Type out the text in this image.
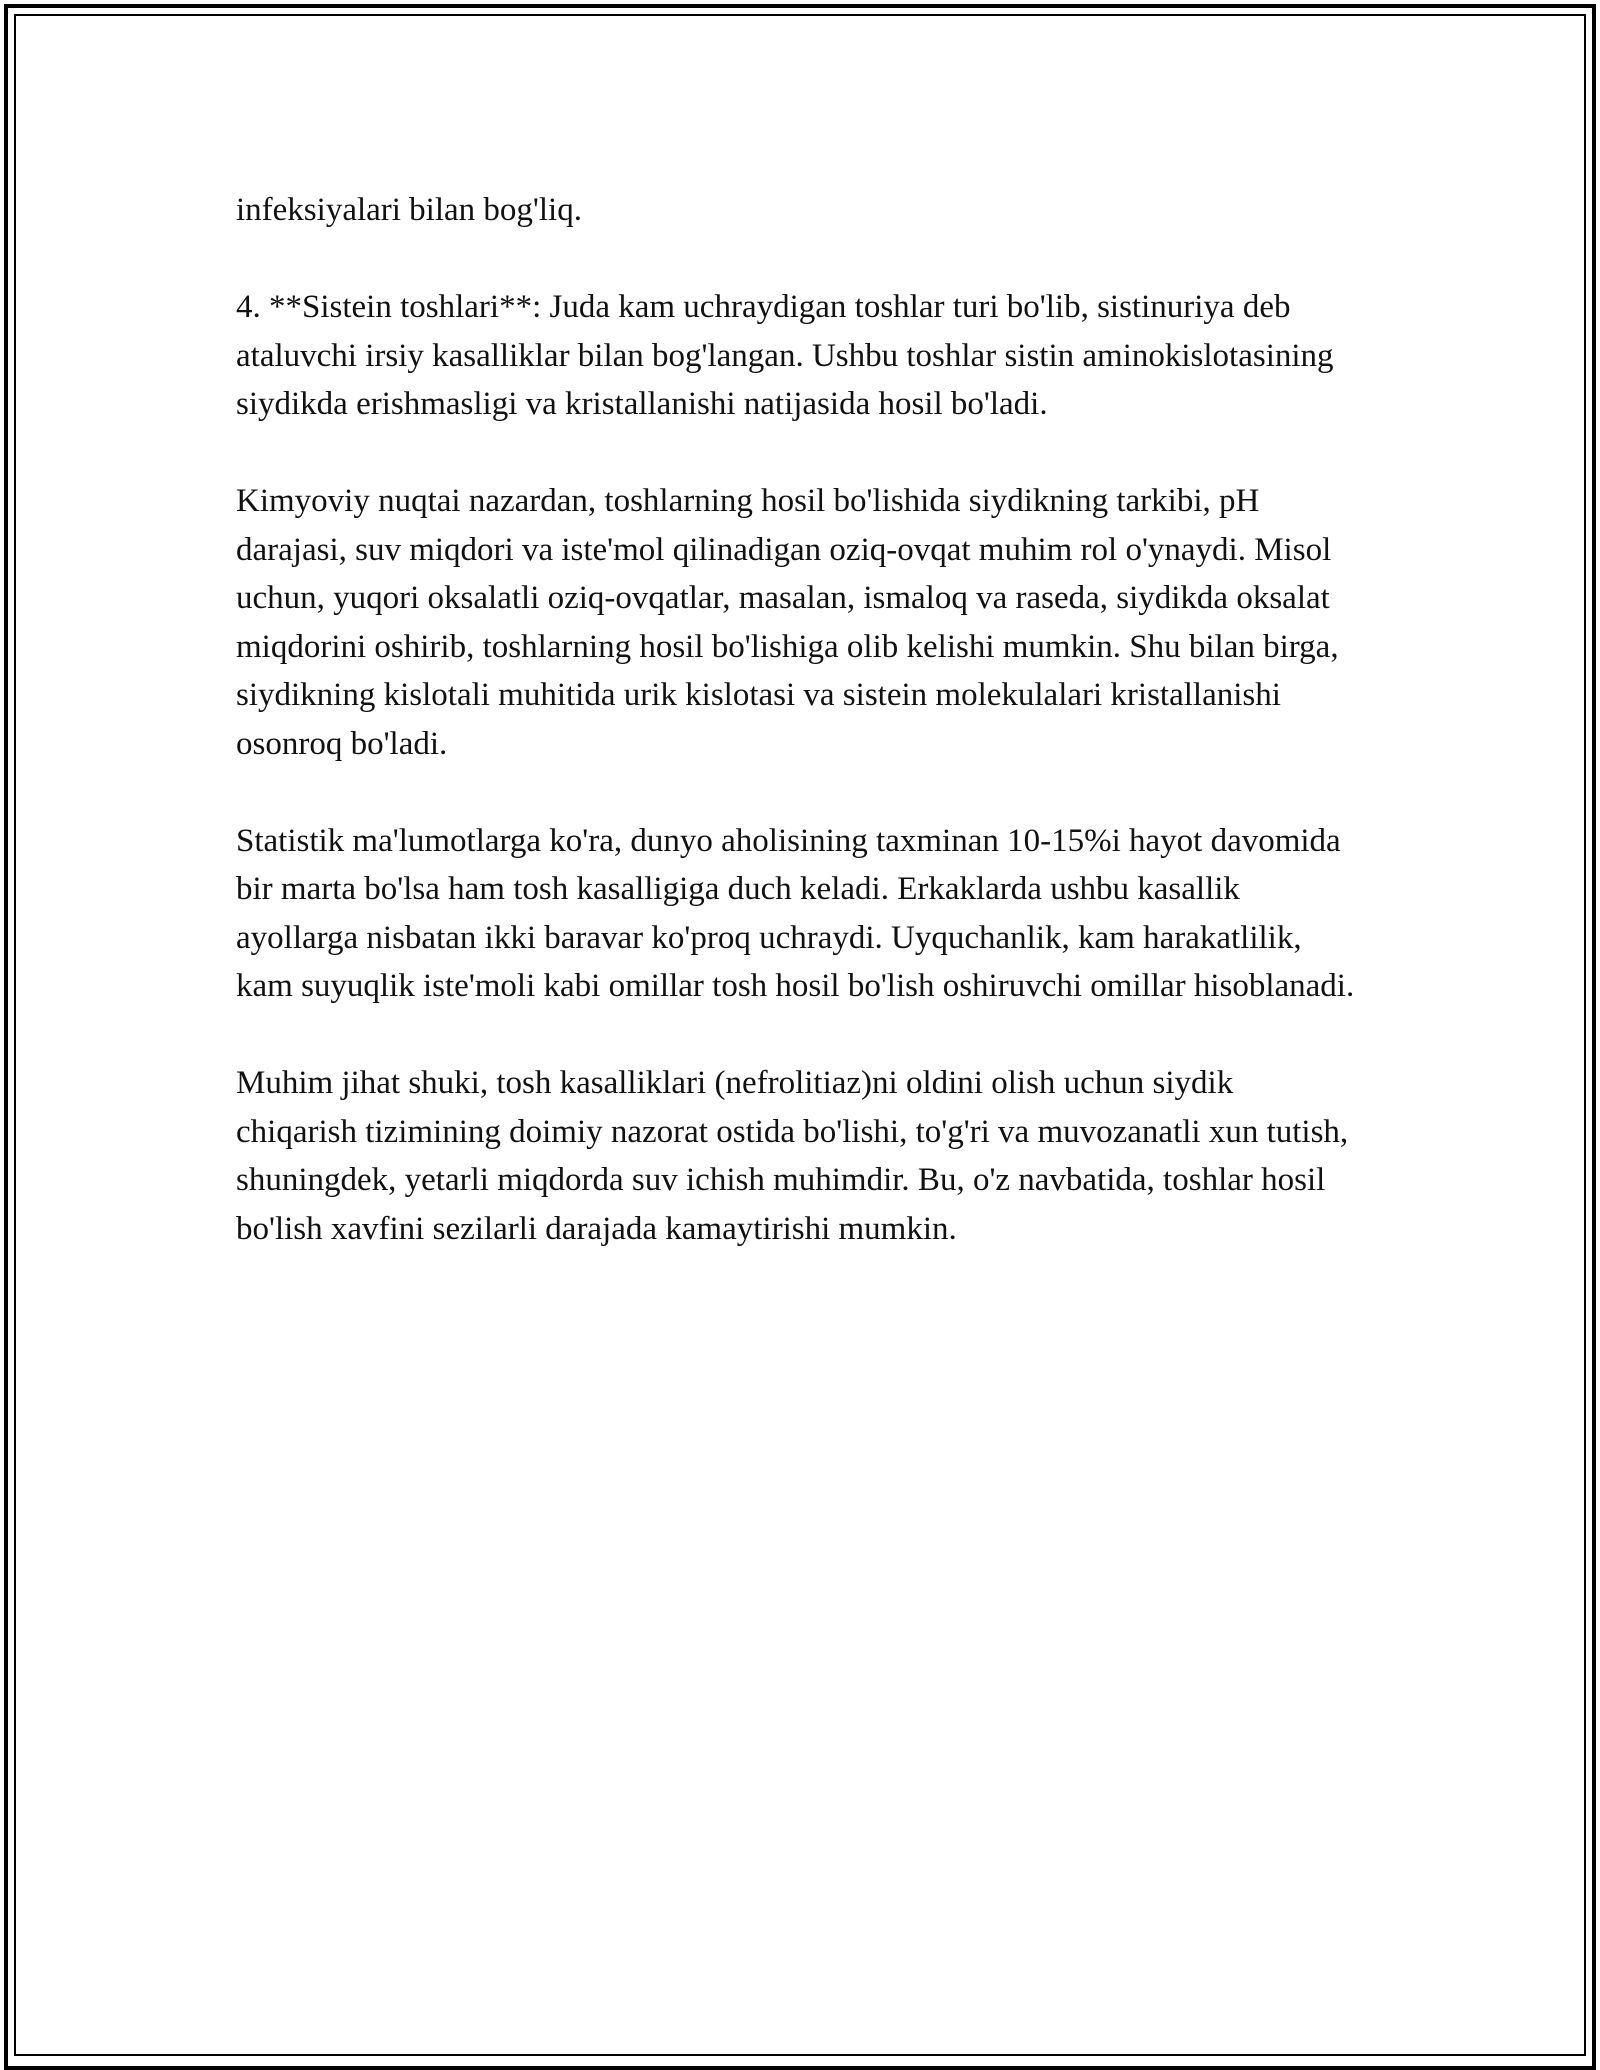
infeksiyalari bilan bog'liq.

4. **Sistein toshlari**: Juda kam uchraydigan toshlar turi bo'lib, sistinuriya deb ataluvchi irsiy kasalliklar bilan bog'langan. Ushbu toshlar sistin aminokislotasining siydikda erishmasligi va kristallanishi natijasida hosil bo'ladi.

Kimyoviy nuqtai nazardan, toshlarning hosil bo'lishida siydikning tarkibi, pH darajasi, suv miqdori va iste'mol qilinadigan oziq-ovqat muhim rol o'ynaydi. Misol uchun, yuqori oksalatli oziq-ovqatlar, masalan, ismaloq va raseda, siydikda oksalat miqdorini oshirib, toshlarning hosil bo'lishiga olib kelishi mumkin. Shu bilan birga, siydikning kislotali muhitida urik kislotasi va sistein molekulalari kristallanishi osonroq bo'ladi.

Statistik ma'lumotlarga ko'ra, dunyo aholisining taxminan 10-15%i hayot davomida bir marta bo'lsa ham tosh kasalligiga duch keladi. Erkaklarda ushbu kasallik ayollarga nisbatan ikki baravar ko'proq uchraydi. Uyquchanlik, kam harakatlilik, kam suyuqlik iste'moli kabi omillar tosh hosil bo'lish oshiruvchi omillar hisoblanadi.

Muhim jihat shuki, tosh kasalliklari (nefrolitiaz)ni oldini olish uchun siydik chiqarish tizimining doimiy nazorat ostida bo'lishi, to'g'ri va muvozanatli xun tutish, shuningdek, yetarli miqdorda suv ichish muhimdir. Bu, o'z navbatida, toshlar hosil bo'lish xavfini sezilarli darajada kamaytirishi mumkin.
